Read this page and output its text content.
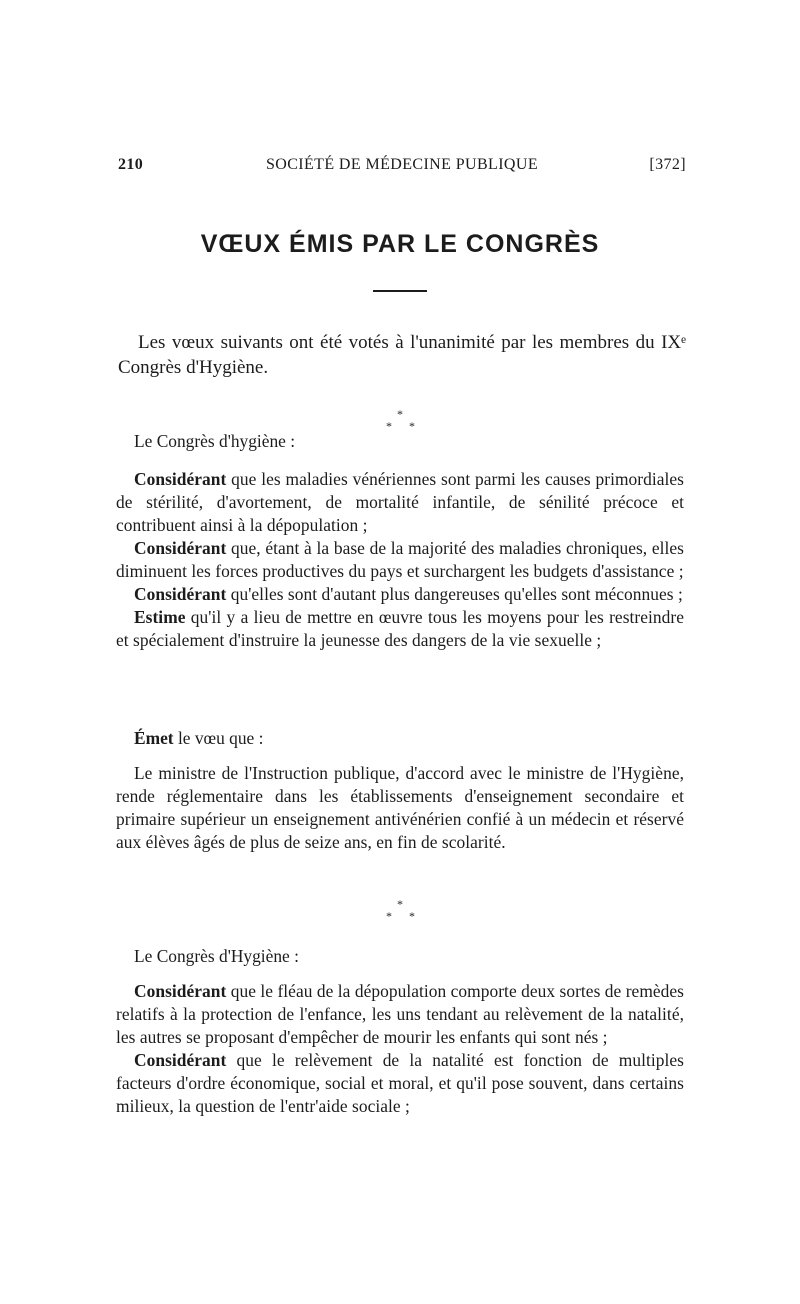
210	SOCIÉTÉ DE MÉDECINE PUBLIQUE	[372]
VŒUX ÉMIS PAR LE CONGRÈS
Les vœux suivants ont été votés à l'unanimité par les membres du IXᵉ Congrès d'Hygiène.
*
* *
Le Congrès d'hygiène :

Considérant que les maladies vénériennes sont parmi les causes primordiales de stérilité, d'avortement, de mortalité infantile, de sénilité précoce et contribuent ainsi à la dépopulation ;

Considérant que, étant à la base de la majorité des maladies chroniques, elles diminuent les forces productives du pays et surchargent les budgets d'assistance ;

Considérant qu'elles sont d'autant plus dangereuses qu'elles sont méconnues ;

Estime qu'il y a lieu de mettre en œuvre tous les moyens pour les restreindre et spécialement d'instruire la jeunesse des dangers de la vie sexuelle ;

Émet le vœu que :

Le ministre de l'Instruction publique, d'accord avec le ministre de l'Hygiène, rende réglementaire dans les établissements d'enseignement secondaire et primaire supérieur un enseignement antivénérien confié à un médecin et réservé aux élèves âgés de plus de seize ans, en fin de scolarité.

*
* *
Le Congrès d'Hygiène :

Considérant que le fléau de la dépopulation comporte deux sortes de remèdes relatifs à la protection de l'enfance, les uns tendant au relèvement de la natalité, les autres se proposant d'empêcher de mourir les enfants qui sont nés ;

Considérant que le relèvement de la natalité est fonction de multiples facteurs d'ordre économique, social et moral, et qu'il pose souvent, dans certains milieux, la question de l'entr'aide sociale ;
